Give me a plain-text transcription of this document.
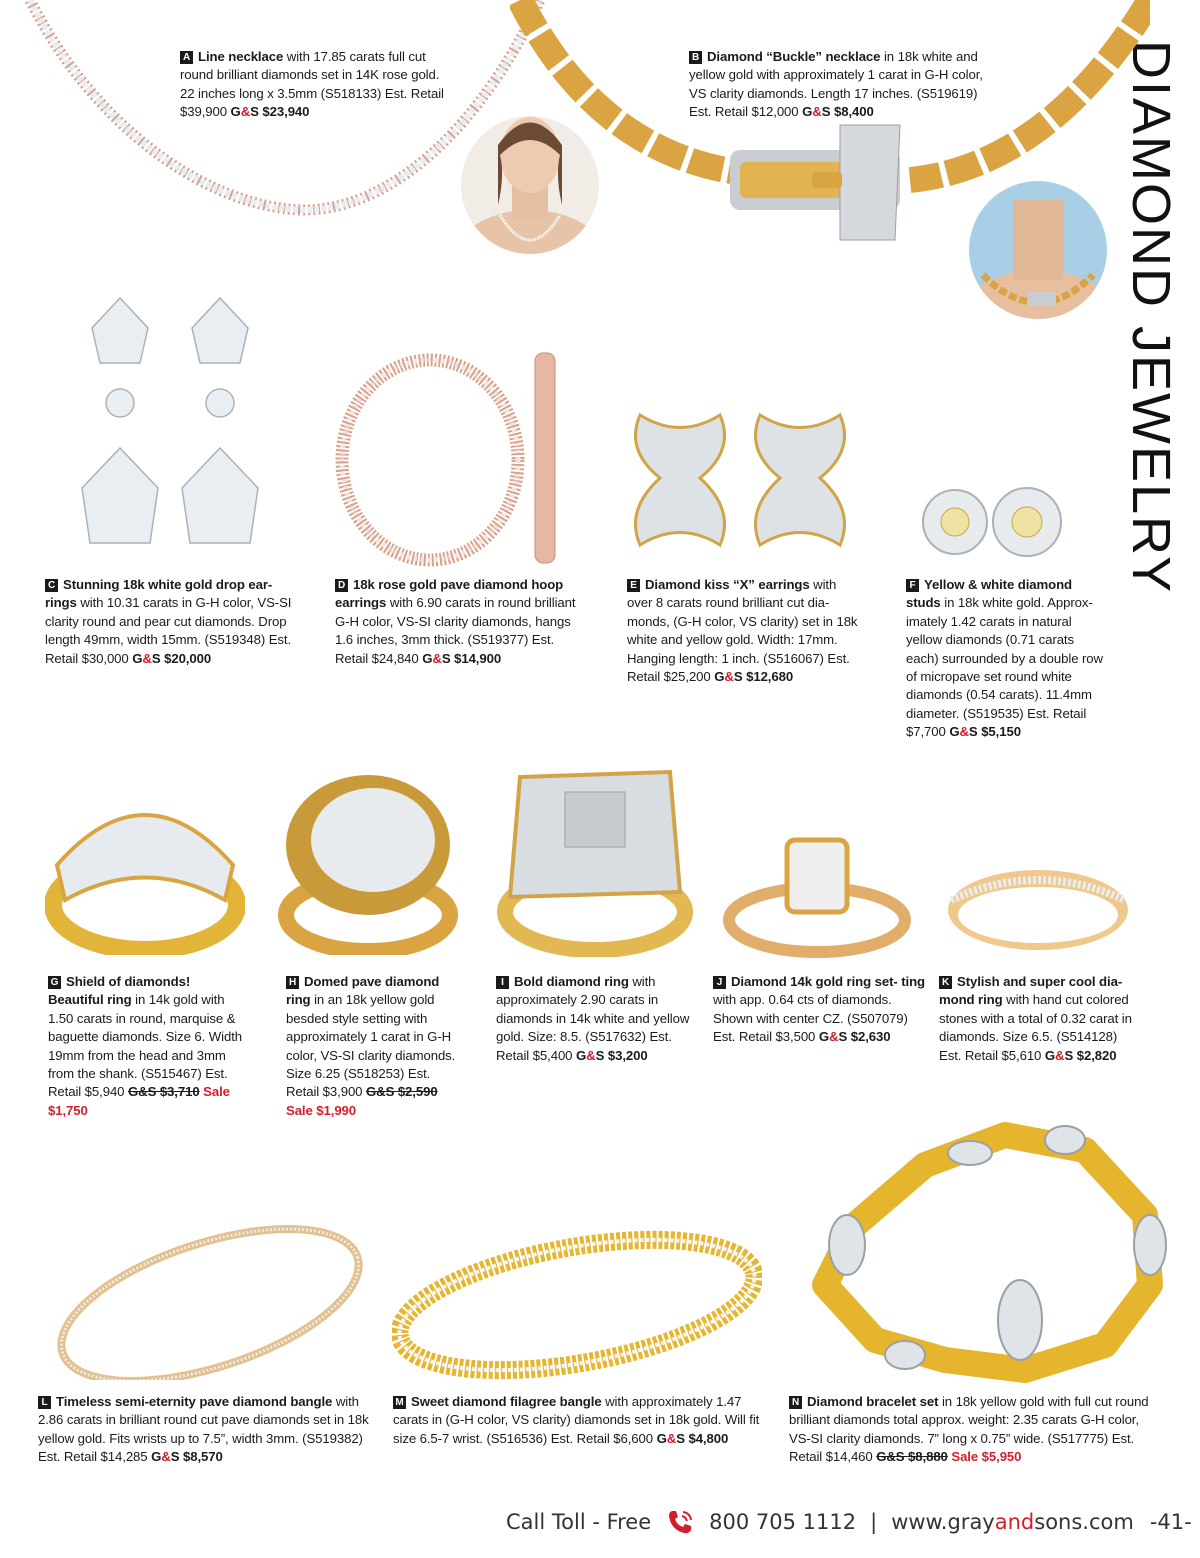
DIAMOND JEWELRY
A Line necklace with 17.85 carats full cut round brilliant diamonds set in 14K rose gold. 22 inches long x 3.5mm (S518133) Est. Retail $39,900 G&S $23,940
B Diamond “Buckle” necklace in 18k white and yellow gold with approximately 1 carat in G-H color, VS clarity diamonds. Length 17 inches. (S519619) Est. Retail $12,000 G&S $8,400
C Stunning 18k white gold drop ear- rings with 10.31 carats in G-H color, VS-SI clarity round and pear cut diamonds. Drop length 49mm, width 15mm. (S519348) Est. Retail $30,000 G&S $20,000
D 18k rose gold pave diamond hoop earrings with 6.90 carats in round brilliant G-H color, VS-SI clarity diamonds, hangs 1.6 inches, 3mm thick. (S519377) Est. Retail $24,840 G&S $14,900
E Diamond kiss “X” earrings with over 8 carats round brilliant cut dia- monds, (G-H color, VS clarity) set in 18k white and yellow gold. Width: 17mm. Hanging length: 1 inch. (S516067) Est. Retail $25,200 G&S $12,680
F Yellow & white diamond studs in 18k white gold. Approx- imately 1.42 carats in natural yellow diamonds (0.71 carats each) surrounded by a double row of micropave set round white diamonds (0.54 carats). 11.4mm diameter. (S519535) Est. Retail $7,700 G&S $5,150
G Shield of diamonds! Beautiful ring in 14k gold with 1.50 carats in round, marquise & baguette diamonds. Size 6. Width 19mm from the head and 3mm from the shank. (S515467) Est. Retail $5,940 G&S $3,710 Sale $1,750
H Domed pave diamond ring in an 18k yellow gold besded style setting with approximately 1 carat in G-H color, VS-SI clarity diamonds. Size 6.25 (S518253) Est. Retail $3,900 G&S $2,590 Sale $1,990
I Bold diamond ring with approximately 2.90 carats in diamonds in 14k white and yellow gold. Size: 8.5. (S517632) Est. Retail $5,400 G&S $3,200
J Diamond 14k gold ring set- ting with app. 0.64 cts of diamonds. Shown with center CZ. (S507079) Est. Retail $3,500 G&S $2,630
K Stylish and super cool dia- mond ring with hand cut colored stones with a total of 0.32 carat in diamonds. Size 6.5. (S514128) Est. Retail $5,610 G&S $2,820
L Timeless semi-eternity pave diamond bangle with 2.86 carats in brilliant round cut pave diamonds set in 18k yellow gold. Fits wrists up to 7.5”, width 3mm. (S519382) Est. Retail $14,285 G&S $8,570
M Sweet diamond filagree bangle with approximately 1.47 carats in (G-H color, VS clarity) diamonds set in 18k gold. Will fit size 6.5-7 wrist. (S516536) Est. Retail $6,600 G&S $4,800
N Diamond bracelet set in 18k yellow gold with full cut round brilliant diamonds total approx. weight: 2.35 carats G-H color, VS-SI clarity diamonds. 7” long x 0.75” wide. (S517775) Est. Retail $14,460 G&S $8,880 Sale $5,950
Call Toll - Free	800 705 1112 | www.grayandsons.com -41-
